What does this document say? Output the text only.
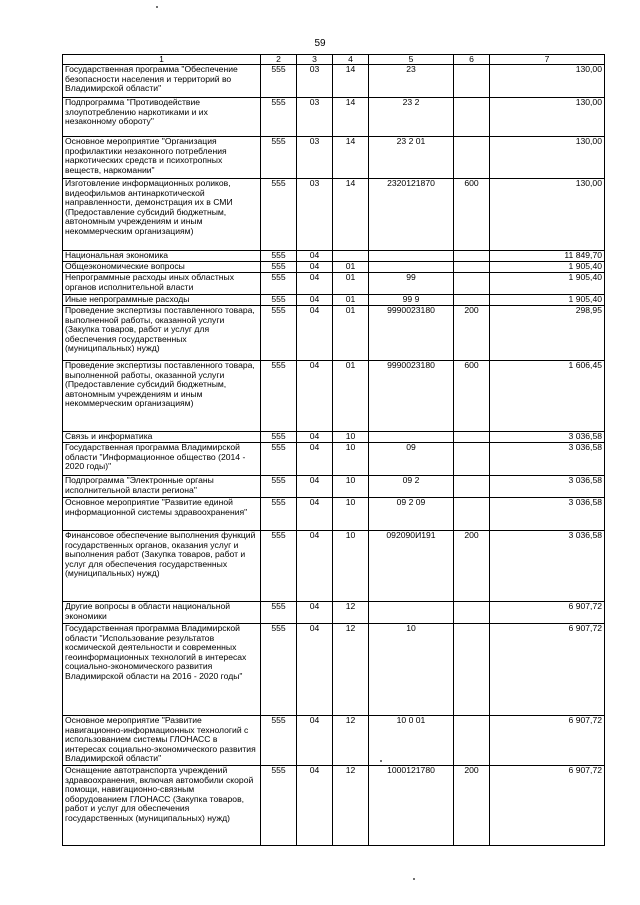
59
1	2	3	4	5	6	7
Государственная программа "Обеспечение безопасности населения и территорий во Владимирской области"	555	03	14	23		130,00
Подпрограмма "Противодействие злоупотреблению наркотиками и их незаконному обороту"	555	03	14	23 2		130,00
Основное мероприятие "Организация профилактики незаконного потребления наркотических средств и психотропных веществ, наркомании"	555	03	14	23 2 01		130,00
Изготовление информационных роликов, видеофильмов антинаркотической направленности, демонстрация их в СМИ (Предоставление субсидий бюджетным, автономным учреждениям и иным некоммерческим организациям)	555	03	14	2320121870	600	130,00
Национальная экономика	555	04				11 849,70
Общеэкономические вопросы	555	04	01			1 905,40
Непрограммные расходы иных областных органов исполнительной власти	555	04	01	99		1 905,40
Иные непрограммные расходы	555	04	01	99 9		1 905,40
Проведение экспертизы поставленного товара, выполненной работы, оказанной услуги (Закупка товаров, работ и услуг для обеспечения государственных (муниципальных) нужд)	555	04	01	9990023180	200	298,95
Проведение экспертизы поставленного товара, выполненной работы, оказанной услуги (Предоставление субсидий бюджетным, автономным учреждениям и иным некоммерческим организациям)	555	04	01	9990023180	600	1 606,45
Связь и информатика	555	04	10			3 036,58
Государственная программа Владимирской области "Информационное общество (2014 - 2020 годы)"	555	04	10	09		3 036,58
Подпрограмма "Электронные органы исполнительной власти региона"	555	04	10	09 2		3 036,58
Основное мероприятие "Развитие единой информационной системы здравоохранения"	555	04	10	09 2 09		3 036,58
Финансовое обеспечение выполнения функций государственных органов, оказания услуг и выполнения работ (Закупка товаров, работ и услуг для обеспечения государственных (муниципальных) нужд)	555	04	10	092090И191	200	3 036,58
Другие вопросы в области национальной экономики	555	04	12			6 907,72
Государственная программа Владимирской области "Использование результатов космической деятельности и современных геоинформационных технологий в интересах социально-экономического развития Владимирской области на 2016 - 2020 годы"	555	04	12	10		6 907,72
Основное мероприятие "Развитие навигационно-информационных технологий с использованием системы ГЛОНАСС в интересах социально-экономического развития Владимирской области"	555	04	12	10 0 01		6 907,72
Оснащение автотранспорта учреждений здравоохранения, включая автомобили скорой помощи, навигационно-связным оборудованием ГЛОНАСС (Закупка товаров, работ и услуг для обеспечения государственных (муниципальных) нужд)	555	04	12	1000121780	200	6 907,72
